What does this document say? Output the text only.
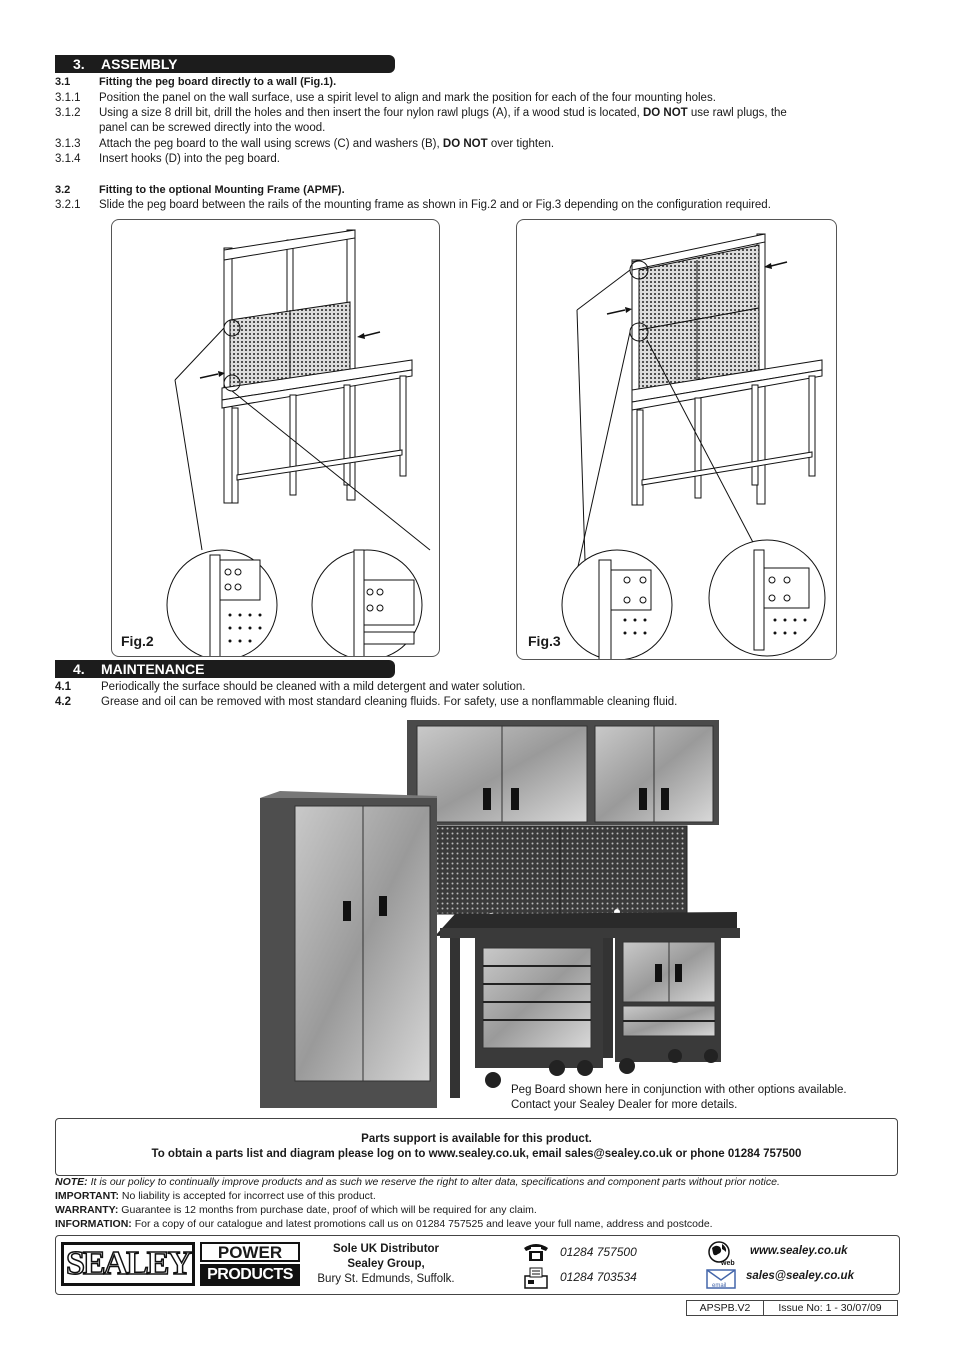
3. ASSEMBLY
3.1	Fitting the peg board directly to a wall (Fig.1).
3.1.1 Position the panel on the wall surface, use a spirit level to align and mark the position for each of the four mounting holes.
3.1.2 Using a size 8 drill bit, drill the holes and then insert the four nylon rawl plugs (A), if a wood stud is located, DO NOT use rawl plugs, the
panel can be screwed directly into the wood.
3.1.3 Attach the peg board to the wall using screws (C) and washers (B), DO NOT over tighten.
3.1.4 Insert hooks (D) into the peg board.
3.2	Fitting to the optional Mounting Frame (APMF).
3.2.1 Slide the peg board between the rails of the mounting frame as shown in Fig.2 and or Fig.3 depending on the configuration required.
Fig.2	Fig.3
4. MAINTENANCE
4.1	Periodically the surface should be cleaned with a mild detergent and water solution.
4.2	Grease and oil can be removed with most standard cleaning fluids. For safety, use a nonflammable cleaning fluid.
Peg Board shown here in conjunction with other options available.
Contact your Sealey Dealer for more details.
Parts support is available for this product.
To obtain a parts list and diagram please log on to www.sealey.co.uk, email sales@sealey.co.uk or phone 01284 757500
NOTE: It is our policy to continually improve products and as such we reserve the right to alter data, specifications and component parts without prior notice.
IMPORTANT: No liability is accepted for incorrect use of this product.
WARRANTY: Guarantee is 12 months from purchase date, proof of which will be required for any claim.
INFORMATION: For a copy of our catalogue and latest promotions call us on 01284 757525 and leave your full name, address and postcode.
SEALEY	POWER
PRODUCTS
Sole UK Distributor
Sealey Group,
Bury St. Edmunds, Suffolk.
01284 757500
01284 703534
web
www.sealey.co.uk
email
sales@sealey.co.uk
APSPB.V2	Issue No: 1 - 30/07/09
